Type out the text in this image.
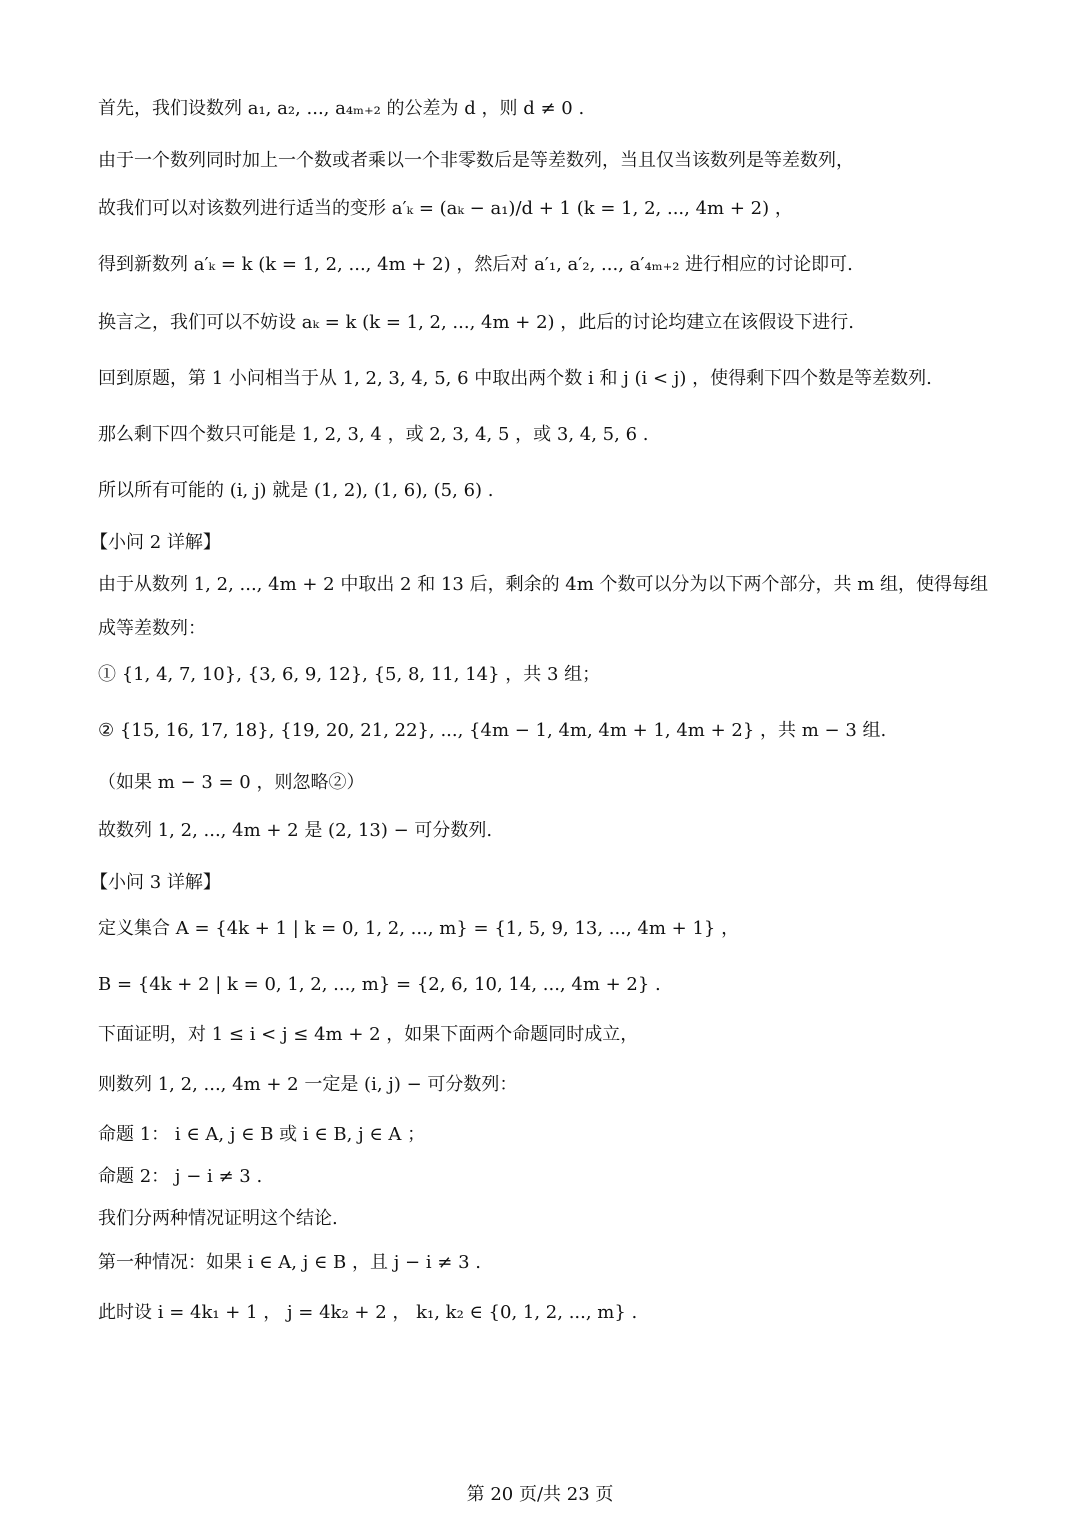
首先，我们设数列 a₁, a₂, ..., a₄ₘ₊₂ 的公差为 d ，则 d ≠ 0 .
由于一个数列同时加上一个数或者乘以一个非零数后是等差数列，当且仅当该数列是等差数列，
故我们可以对该数列进行适当的变形 a′ₖ = (aₖ − a₁)/d + 1 (k = 1, 2, ..., 4m + 2) ，
得到新数列 a′ₖ = k (k = 1, 2, ..., 4m + 2) ，然后对 a′₁, a′₂, ..., a′₄ₘ₊₂ 进行相应的讨论即可.
换言之，我们可以不妨设 aₖ = k (k = 1, 2, ..., 4m + 2) ，此后的讨论均建立在该假设下进行.
回到原题，第 1 小问相当于从 1, 2, 3, 4, 5, 6 中取出两个数 i 和 j (i < j) ，使得剩下四个数是等差数列.
那么剩下四个数只可能是 1, 2, 3, 4 ，或 2, 3, 4, 5 ，或 3, 4, 5, 6 .
所以所有可能的 (i, j) 就是 (1, 2), (1, 6), (5, 6) .
【小问 2 详解】
由于从数列 1, 2, ..., 4m + 2 中取出 2 和 13 后，剩余的 4m 个数可以分为以下两个部分，共 m 组，使得每组
成等差数列：
① {1, 4, 7, 10}, {3, 6, 9, 12}, {5, 8, 11, 14} ，共 3 组；
② {15, 16, 17, 18}, {19, 20, 21, 22}, ..., {4m − 1, 4m, 4m + 1, 4m + 2} ，共 m − 3 组.
（如果 m − 3 = 0 ，则忽略②）
故数列 1, 2, ..., 4m + 2 是 (2, 13) − 可分数列.
【小问 3 详解】
定义集合 A = {4k + 1 | k = 0, 1, 2, ..., m} = {1, 5, 9, 13, ..., 4m + 1} ，
B = {4k + 2 | k = 0, 1, 2, ..., m} = {2, 6, 10, 14, ..., 4m + 2} .
下面证明，对 1 ≤ i < j ≤ 4m + 2 ，如果下面两个命题同时成立，
则数列 1, 2, ..., 4m + 2 一定是 (i, j) − 可分数列：
命题 1： i ∈ A, j ∈ B 或 i ∈ B, j ∈ A ；
命题 2： j − i ≠ 3 .
我们分两种情况证明这个结论.
第一种情况：如果 i ∈ A, j ∈ B ，且 j − i ≠ 3 .
此时设 i = 4k₁ + 1 ， j = 4k₂ + 2 ， k₁, k₂ ∈ {0, 1, 2, ..., m} .
第 20 页/共 23 页
